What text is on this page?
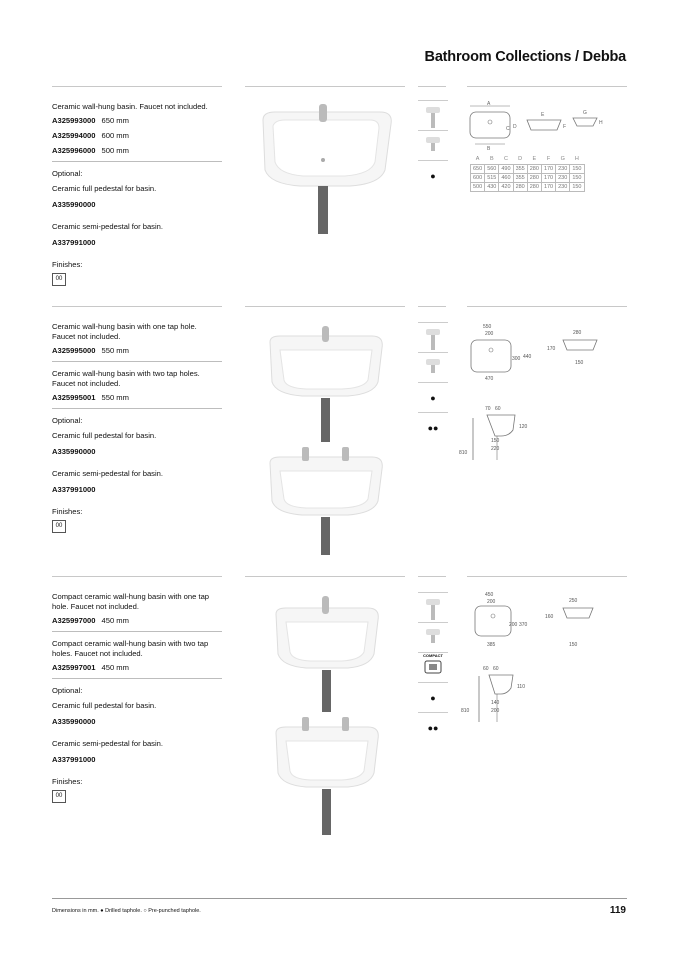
Bathroom Collections / Debba
Ceramic wall-hung basin. Faucet not included.
A325993000 650 mm
A325994000 600 mm
A325996000 500 mm
Optional:
Ceramic full pedestal for basin.
A335990000
Ceramic semi-pedestal for basin.
A337991000
Finishes:
00
●
A
B
C D
E
F
G
H
A	B	C	D	E	F	G	H
650	560	490	355	280	170	230	150
600	515	460	355	280	170	230	150
500	430	420	280	280	170	230	150
Ceramic wall-hung basin with one tap hole. Faucet not included.
A325995000 550 mm
Ceramic wall-hung basin with two tap holes. Faucet not included.
A325995001 550 mm
Optional:
Ceramic full pedestal for basin.
A335990000
Ceramic semi-pedestal for basin.
A337991000
Finishes:
00
●
●●
550
200
300 440
470
280
170
150
70 60
120
150
220
810
Compact ceramic wall-hung basin with one tap hole. Faucet not included.
A325997000 450 mm
Compact ceramic wall-hung basin with two tap holes. Faucet not included.
A325997001 450 mm
Optional:
Ceramic full pedestal for basin.
A335990000
Ceramic semi-pedestal for basin.
A337991000
Finishes:
00
COMPACT
●
●●
450
200
200 370
385
250
160
150
60 60
110
140
200
810
Dimensions in mm. ● Drilled taphole. ○ Pre-punched taphole.	119
